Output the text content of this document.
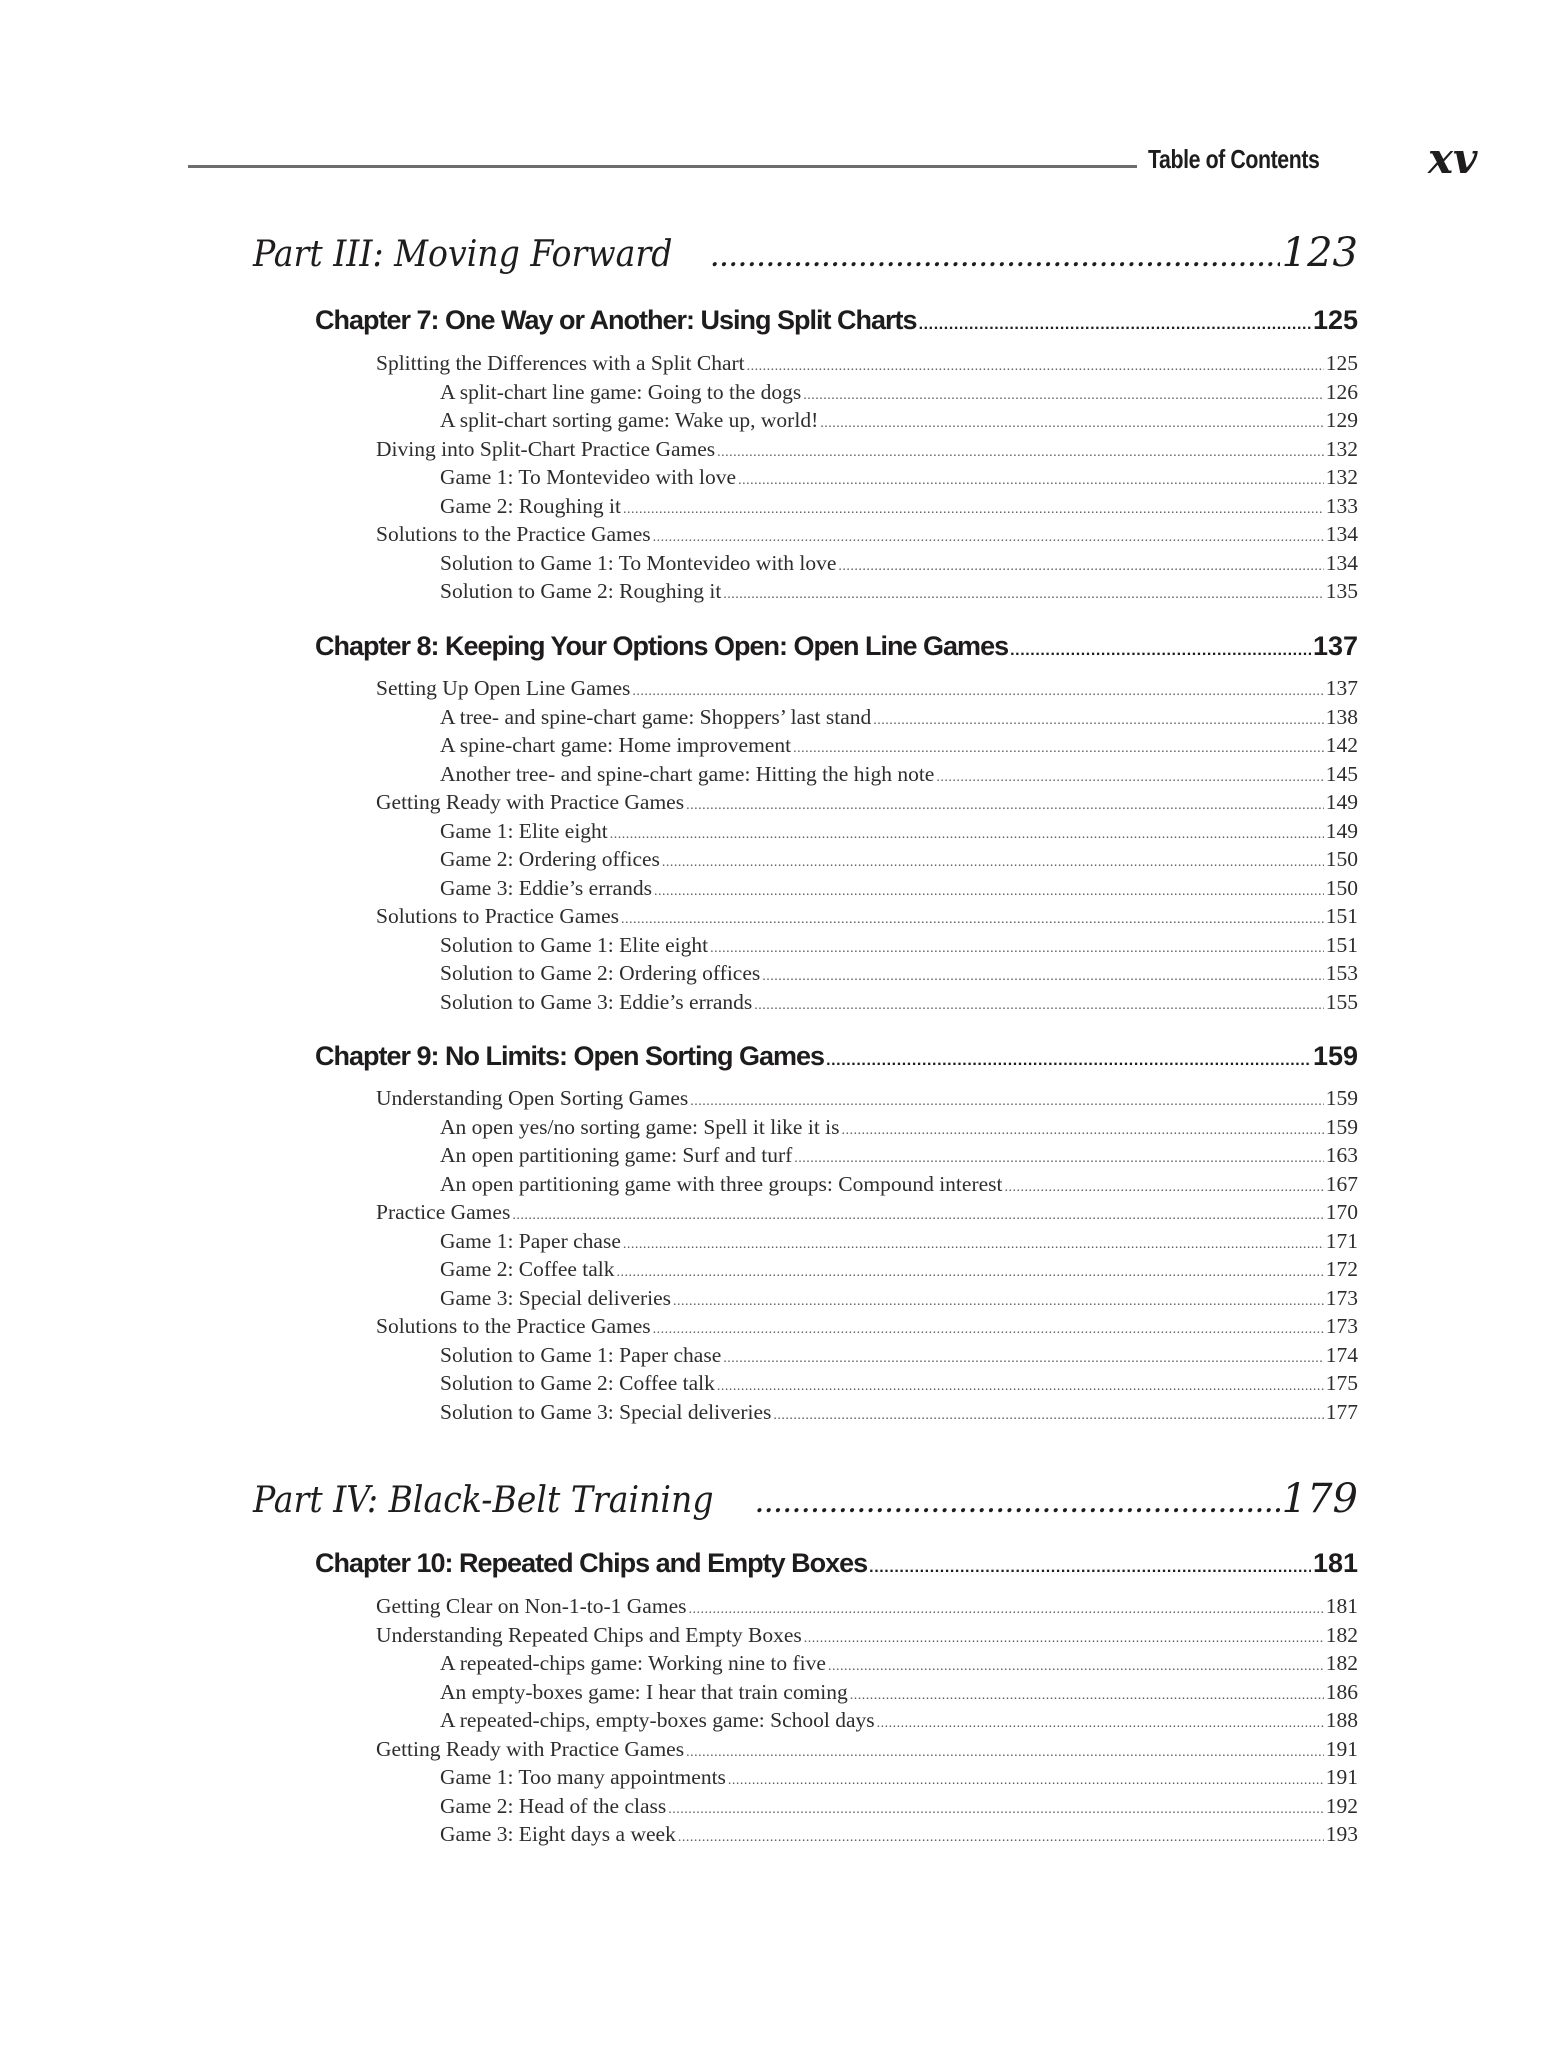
Table of Contents	xv
Part III: Moving Forward .....	123
Chapter 7: One Way or Another: Using Split Charts .....	125
Splitting the Differences with a Split Chart .....	125
A split-chart line game: Going to the dogs .....	126
A split-chart sorting game: Wake up, world! .....	129
Diving into Split-Chart Practice Games .....	132
Game 1: To Montevideo with love .....	132
Game 2: Roughing it .....	133
Solutions to the Practice Games .....	134
Solution to Game 1: To Montevideo with love .....	134
Solution to Game 2: Roughing it .....	135
Chapter 8: Keeping Your Options Open: Open Line Games .....	137
Setting Up Open Line Games .....	137
A tree- and spine-chart game: Shoppers’ last stand .....	138
A spine-chart game: Home improvement .....	142
Another tree- and spine-chart game: Hitting the high note .....	145
Getting Ready with Practice Games .....	149
Game 1: Elite eight .....	149
Game 2: Ordering offices .....	150
Game 3: Eddie’s errands .....	150
Solutions to Practice Games .....	151
Solution to Game 1: Elite eight .....	151
Solution to Game 2: Ordering offices .....	153
Solution to Game 3: Eddie’s errands .....	155
Chapter 9: No Limits: Open Sorting Games .....	159
Understanding Open Sorting Games .....	159
An open yes/no sorting game: Spell it like it is .....	159
An open partitioning game: Surf and turf .....	163
An open partitioning game with three groups: Compound interest .....	167
Practice Games .....	170
Game 1: Paper chase .....	171
Game 2: Coffee talk .....	172
Game 3: Special deliveries .....	173
Solutions to the Practice Games .....	173
Solution to Game 1: Paper chase .....	174
Solution to Game 2: Coffee talk .....	175
Solution to Game 3: Special deliveries .....	177
Part IV: Black-Belt Training .....	179
Chapter 10: Repeated Chips and Empty Boxes .....	181
Getting Clear on Non-1-to-1 Games .....	181
Understanding Repeated Chips and Empty Boxes .....	182
A repeated-chips game: Working nine to five .....	182
An empty-boxes game: I hear that train coming .....	186
A repeated-chips, empty-boxes game: School days .....	188
Getting Ready with Practice Games .....	191
Game 1: Too many appointments .....	191
Game 2: Head of the class .....	192
Game 3: Eight days a week .....	193
